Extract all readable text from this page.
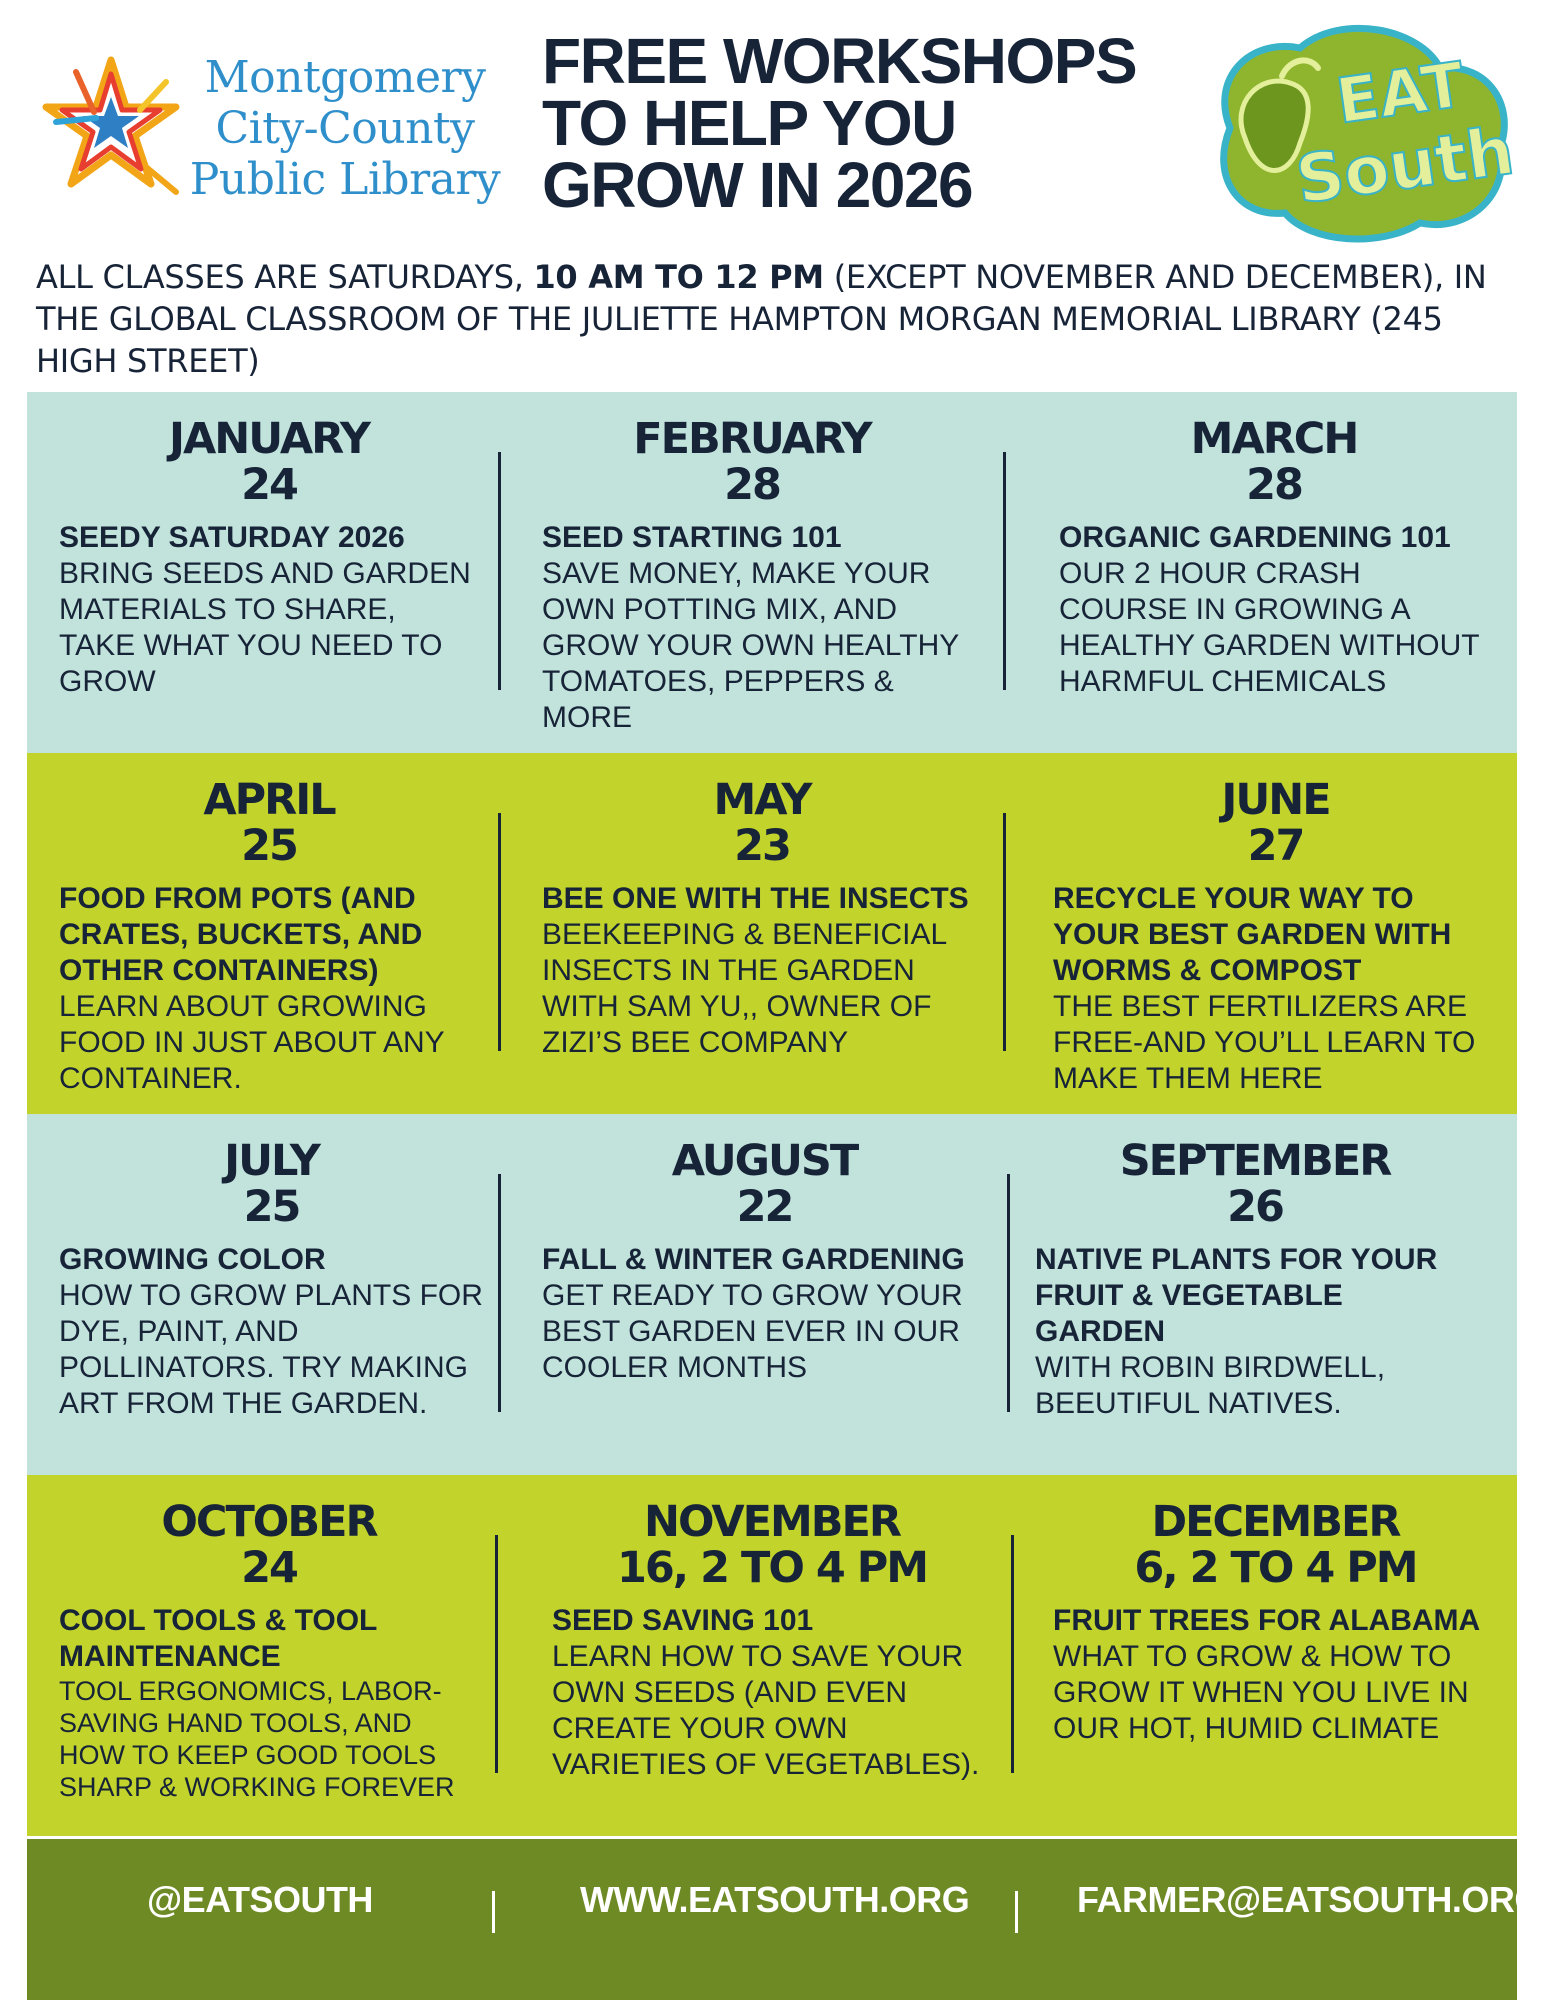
Montgomery
City-County
Public Library
FREE WORKSHOPS TO HELP YOU GROW IN 2026
EAT
South
ALL CLASSES ARE SATURDAYS, 10 AM TO 12 PM (EXCEPT NOVEMBER AND DECEMBER), IN THE GLOBAL CLASSROOM OF THE JULIETTE HAMPTON MORGAN MEMORIAL LIBRARY (245 HIGH STREET)
JANUARY
24
SEEDY SATURDAY 2026
BRING SEEDS AND GARDEN MATERIALS TO SHARE, TAKE WHAT YOU NEED TO GROW
FEBRUARY
28
SEED STARTING 101
SAVE MONEY, MAKE YOUR OWN POTTING MIX, AND GROW YOUR OWN HEALTHY TOMATOES, PEPPERS & MORE
MARCH
28
ORGANIC GARDENING 101
OUR 2 HOUR CRASH COURSE IN GROWING A HEALTHY GARDEN WITHOUT HARMFUL CHEMICALS
APRIL
25
FOOD FROM POTS (AND CRATES, BUCKETS, AND OTHER CONTAINERS)
LEARN ABOUT GROWING FOOD IN JUST ABOUT ANY CONTAINER.
MAY
23
BEE ONE WITH THE INSECTS
BEEKEEPING & BENEFICIAL INSECTS IN THE GARDEN WITH SAM YU,, OWNER OF ZIZI’S BEE COMPANY
JUNE
27
RECYCLE YOUR WAY TO YOUR BEST GARDEN WITH WORMS & COMPOST
THE BEST FERTILIZERS ARE FREE-AND YOU’LL LEARN TO MAKE THEM HERE
JULY
25
GROWING COLOR
HOW TO GROW PLANTS FOR DYE, PAINT, AND POLLINATORS. TRY MAKING ART FROM THE GARDEN.
AUGUST
22
FALL & WINTER GARDENING
GET READY TO GROW YOUR BEST GARDEN EVER IN OUR COOLER MONTHS
SEPTEMBER
26
NATIVE PLANTS FOR YOUR FRUIT & VEGETABLE GARDEN
WITH ROBIN BIRDWELL, BEEUTIFUL NATIVES.
OCTOBER
24
COOL TOOLS & TOOL MAINTENANCE
TOOL ERGONOMICS, LABOR-SAVING HAND TOOLS, AND HOW TO KEEP GOOD TOOLS SHARP & WORKING FOREVER
NOVEMBER
16, 2 TO 4 PM
SEED SAVING 101
LEARN HOW TO SAVE YOUR OWN SEEDS (AND EVEN CREATE YOUR OWN VARIETIES OF VEGETABLES).
DECEMBER
6, 2 TO 4 PM
FRUIT TREES FOR ALABAMA
WHAT TO GROW & HOW TO GROW IT WHEN YOU LIVE IN OUR HOT, HUMID CLIMATE
@EATSOUTH	WWW.EATSOUTH.ORG	FARMER@EATSOUTH.ORG
